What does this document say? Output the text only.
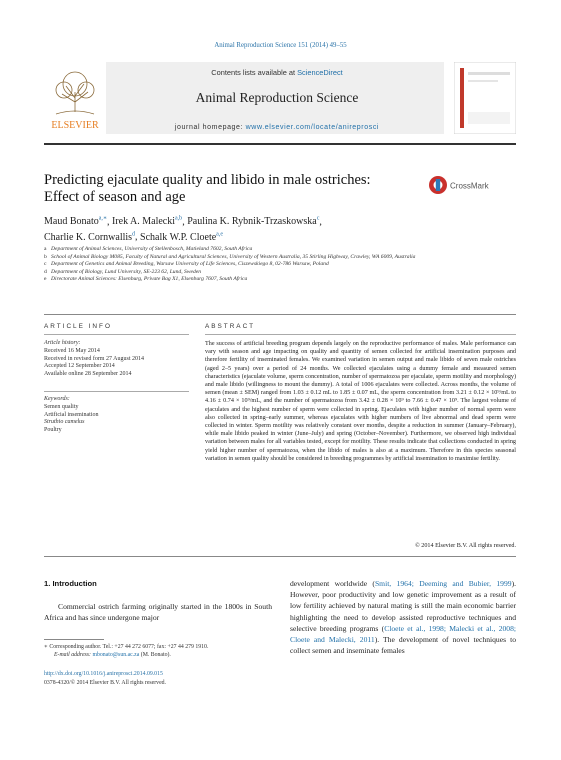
Animal Reproduction Science 151 (2014) 49–55
ELSEVIER
Contents lists available at ScienceDirect
Animal Reproduction Science
journal homepage: www.elsevier.com/locate/anireprosci
Predicting ejaculate quality and libido in male ostriches:
Effect of season and age
CrossMark
Maud Bonato$^{a,∗}$, Irek A. Malecki$^{a,b}$, Paulina K. Rybnik-Trzaskowska$^c$,
Charlie K. Cornwallis$^d$, Schalk W.P. Cloete$^{a,e}$
a Department of Animal Sciences, University of Stellenbosch, Matieland 7602, South Africa
b School of Animal Biology M085, Faculty of Natural and Agricultural Sciences, University of Western Australia, 35 Stirling Highway, Crawley, WA 6009, Australia
c Department of Genetics and Animal Breeding, Warsaw University of Life Sciences, Ciszewskiego 8, 02-786 Warsaw, Poland
d Department of Biology, Lund University, SE-223 62, Lund, Sweden
e Directorate Animal Sciences: Elsenburg, Private Bag X1, Elsenburg 7607, South Africa
ARTICLE INFO	ABSTRACT
Article history:
Received 16 May 2014
Received in revised form 27 August 2014
Accepted 12 September 2014
Available online 28 September 2014
Keywords:
Semen quality
Artificial insemination
Struthio camelus
Poultry
The success of artificial breeding program depends largely on the reproductive performance of males. Male performance can vary with season and age impacting on quality and quantity of semen collected for artificial insemination purposes and therefore fertility of inseminated females. We examined variation in semen output and male libido of seven male ostriches (aged 2–5 years) over a period of 24 months. We collected ejaculates using a dummy female and measured semen characteristics (ejaculate volume, sperm concentration, number of spermatozoa per ejaculate, sperm motility and morphology) and male libido (willingness to mount the dummy). A total of 1006 ejaculates were collected. Across months, the volume of semen (mean ± SEM) ranged from 1.03 ± 0.12 mL to 1.85 ± 0.07 mL, the sperm concentration from 3.21 ± 0.12 × 10⁹/mL to 4.16 ± 0.74 × 10⁹/mL, and the number of spermatozoa from 3.42 ± 0.28 × 10⁹ to 7.66 ± 0.47 × 10⁹. The largest volume of ejaculates and the highest number of sperm were collected in spring. Ejaculates with higher number of normal sperm were also collected in spring–early summer, whereas ejaculates with higher numbers of live abnormal and dead sperm were collected in winter. Sperm motility was relatively constant over months, despite a reduction in summer (January–February), while male libido peaked in winter (June–July) and spring (October–November). Furthermore, we observed high individual variation between males for all variables tested, except for motility. These results indicate that collections conducted in spring yield higher number of spermatozoa, when the libido of males is also at a maximum. Therefore in this species seasonal variation in semen quality should be considered in breeding programmes by artificial insemination to maximise fertility.
© 2014 Elsevier B.V. All rights reserved.
1. Introduction
Commercial ostrich farming originally started in the 1800s in South Africa and has since undergone major
development worldwide (Smit, 1964; Deeming and Bubier, 1999). However, poor productivity and low genetic improvement as a result of low fertility achieved by natural mating is still the main economic barrier highlighting the need to develop assisted reproductive techniques and selective breeding programs (Cloete et al., 1998; Malecki et al., 2008; Cloete and Malecki, 2011). The development of novel techniques to collect semen and inseminate females
∗ Corresponding author. Tel.: +27 44 272 6077; fax: +27 44 279 1910.
E-mail address: mbonato@sun.ac.za (M. Bonato).
http://dx.doi.org/10.1016/j.anireprosci.2014.09.015
0378-4320/© 2014 Elsevier B.V. All rights reserved.
